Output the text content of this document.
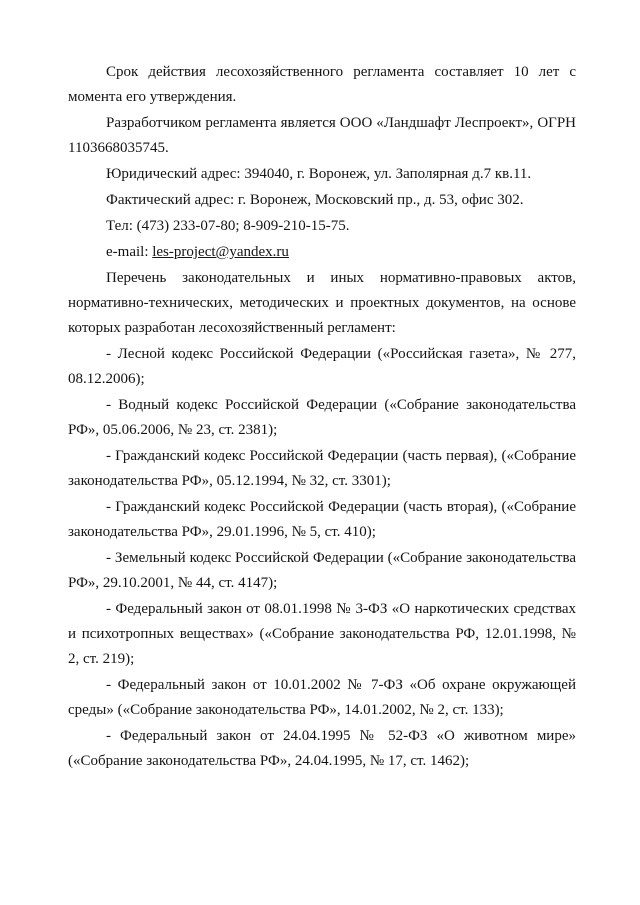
Срок действия лесохозяйственного регламента составляет 10 лет с момента его утверждения.

Разработчиком регламента является ООО «Ландшафт Леспроект», ОГРН 1103668035745.

Юридический адрес: 394040, г. Воронеж, ул. Заполярная д.7 кв.11.

Фактический адрес: г. Воронеж, Московский пр., д. 53, офис 302.

Тел: (473) 233-07-80; 8-909-210-15-75.

e-mail: les-project@yandex.ru

Перечень законодательных и иных нормативно-правовых актов, нормативно-технических, методических и проектных документов, на основе которых разработан лесохозяйственный регламент:

- Лесной кодекс Российской Федерации («Российская газета», № 277, 08.12.2006);

- Водный кодекс Российской Федерации («Собрание законодательства РФ», 05.06.2006, № 23, ст. 2381);

- Гражданский кодекс Российской Федерации (часть первая), («Собрание законодательства РФ», 05.12.1994, № 32, ст. 3301);

- Гражданский кодекс Российской Федерации (часть вторая), («Собрание законодательства РФ», 29.01.1996, № 5, ст. 410);

- Земельный кодекс Российской Федерации («Собрание законодательства РФ», 29.10.2001, № 44, ст. 4147);

- Федеральный закон от 08.01.1998 № 3-ФЗ «О наркотических средствах и психотропных веществах» («Собрание законодательства РФ, 12.01.1998, № 2, ст. 219);

- Федеральный закон от 10.01.2002 № 7-ФЗ «Об охране окружающей среды» («Собрание законодательства РФ», 14.01.2002, № 2, ст. 133);

- Федеральный закон от 24.04.1995 № 52-ФЗ «О животном мире» («Собрание законодательства РФ», 24.04.1995, № 17, ст. 1462);
